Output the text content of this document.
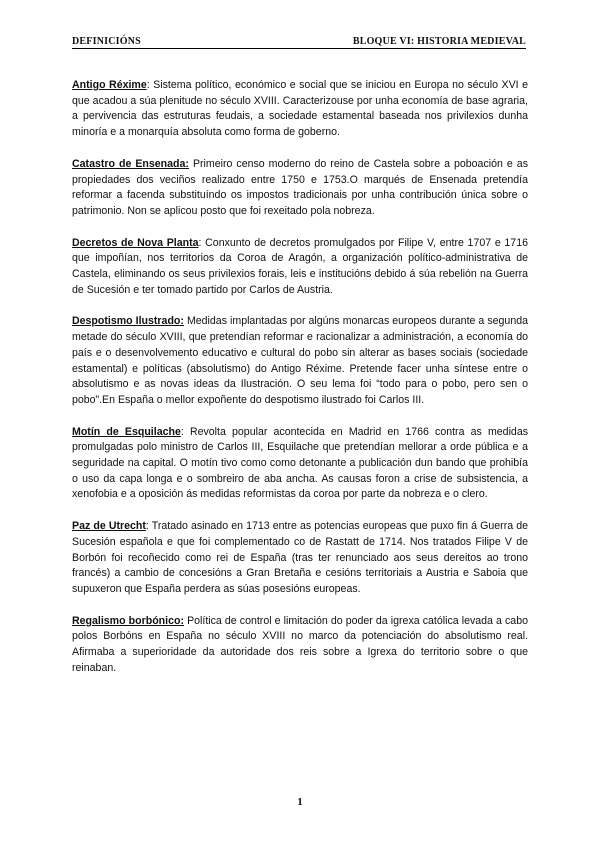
DEFINICIÓNS	BLOQUE VI: HISTORIA MEDIEVAL

Antigo Réxime: Sistema político, económico e social que se iniciou en Europa no século XVI e que acadou a súa plenitude no século XVIII. Caracterizouse por unha economía de base agraria, a pervivencia das estruturas feudais, a sociedade estamental baseada nos privilexios dunha minoría e a monarquía absoluta como forma de goberno.

Catastro de Ensenada: Primeiro censo moderno do reino de Castela sobre a poboación e as propiedades dos veciños realizado entre 1750 e 1753.O marqués de Ensenada pretendía reformar a facenda substituíndo os impostos tradicionais por unha contribución única sobre o patrimonio. Non se aplicou posto que foi rexeitado pola nobreza.

Decretos de Nova Planta: Conxunto de decretos promulgados por Filipe V, entre 1707 e 1716 que impoñían, nos territorios da Coroa de Aragón, a organización político-administrativa de Castela, eliminando os seus privilexios forais, leis e institucións debido á súa rebelión na Guerra de Sucesión e ter tomado partido por Carlos de Austria.

Despotismo Ilustrado: Medidas implantadas por algúns monarcas europeos durante a segunda metade do século XVIII, que pretendían reformar e racionalizar a administración, a economía do país e o desenvolvemento educativo e cultural do pobo sin alterar as bases sociais (sociedade estamental) e políticas (absolutismo) do Antigo Réxime. Pretende facer unha síntese entre o absolutismo e as novas ideas da Ilustración. O seu lema foi “todo para o pobo, pero sen o pobo”.En España o mellor expoñente do despotismo ilustrado foi Carlos III.

Motín de Esquilache: Revolta popular acontecida en Madrid en 1766 contra as medidas promulgadas polo ministro de Carlos III, Esquilache que pretendían mellorar a orde pública e a seguridade na capital. O motín tivo como como detonante a publicación dun bando que prohibía o uso da capa longa e o sombreiro de aba ancha. As causas foron a crise de subsistencia, a xenofobia e a oposición ás medidas reformistas da coroa por parte da nobreza e o clero.

Paz de Utrecht: Tratado asinado en 1713 entre as potencias europeas que puxo fin á Guerra de Sucesión española e que foi complementado co de Rastatt de 1714. Nos tratados Filipe V de Borbón foi recoñecido como rei de España (tras ter renunciado aos seus dereitos ao trono francés) a cambio de concesións a Gran Bretaña e cesións territoriais a Austria e Saboia que supuxeron que España perdera as súas posesións europeas.

Regalismo borbónico: Política de control e limitación do poder da igrexa católica levada a cabo polos Borbóns en España no século XVIII no marco da potenciación do absolutismo real. Afirmaba a superioridade da autoridade dos reis sobre a Igrexa do territorio sobre o que reinaban.

1
